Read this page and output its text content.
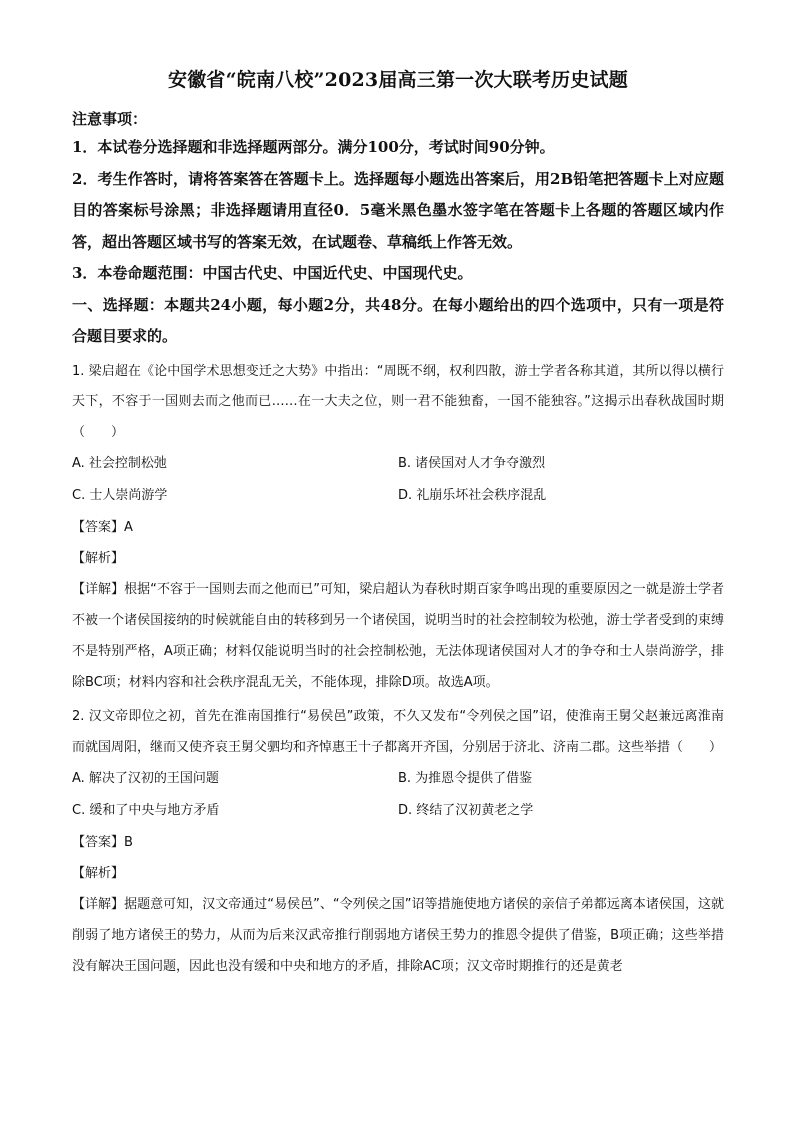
安徽省“皖南八校”2023届高三第一次大联考历史试题

注意事项：

1．本试卷分选择题和非选择题两部分。满分100分，考试时间90分钟。

2．考生作答时，请将答案答在答题卡上。选择题每小题选出答案后，用2B铅笔把答题卡上对应题目的答案标号涂黑；非选择题请用直径0．5毫米黑色墨水签字笔在答题卡上各题的答题区域内作答，超出答题区域书写的答案无效，在试题卷、草稿纸上作答无效。

3．本卷命题范围：中国古代史、中国近代史、中国现代史。

一、选择题：本题共24小题，每小题2分，共48分。在每小题给出的四个选项中，只有一项是符合题目要求的。

1. 梁启超在《论中国学术思想变迁之大势》中指出：“周既不纲，权利四散，游士学者各称其道，其所以得以横行天下，不容于一国则去而之他而已……在一大夫之位，则一君不能独畜，一国不能独容。”这揭示出春秋战国时期（　　）

A. 社会控制松弛	B. 诸侯国对人才争夺激烈
C. 士人崇尚游学	D. 礼崩乐坏社会秩序混乱

【答案】A

【解析】

【详解】根据“不容于一国则去而之他而已”可知，梁启超认为春秋时期百家争鸣出现的重要原因之一就是游士学者不被一个诸侯国接纳的时候就能自由的转移到另一个诸侯国，说明当时的社会控制较为松弛，游士学者受到的束缚不是特别严格，A项正确；材料仅能说明当时的社会控制松弛，无法体现诸侯国对人才的争夺和士人崇尚游学，排除BC项；材料内容和社会秩序混乱无关，不能体现，排除D项。故选A项。

2. 汉文帝即位之初，首先在淮南国推行“易侯邑”政策，不久又发布“令列侯之国”诏，使淮南王舅父赵兼远离淮南而就国周阳，继而又使齐哀王舅父驷均和齐悼惠王十子都离开齐国，分别居于济北、济南二郡。这些举措（　　）

A. 解决了汉初的王国问题	B. 为推恩令提供了借鉴
C. 缓和了中央与地方矛盾	D. 终结了汉初黄老之学

【答案】B

【解析】

【详解】据题意可知，汉文帝通过“易侯邑”、“令列侯之国”诏等措施使地方诸侯的亲信子弟都远离本诸侯国，这就削弱了地方诸侯王的势力，从而为后来汉武帝推行削弱地方诸侯王势力的推恩令提供了借鉴，B项正确；这些举措没有解决王国问题，因此也没有缓和中央和地方的矛盾，排除AC项；汉文帝时期推行的还是黄老
